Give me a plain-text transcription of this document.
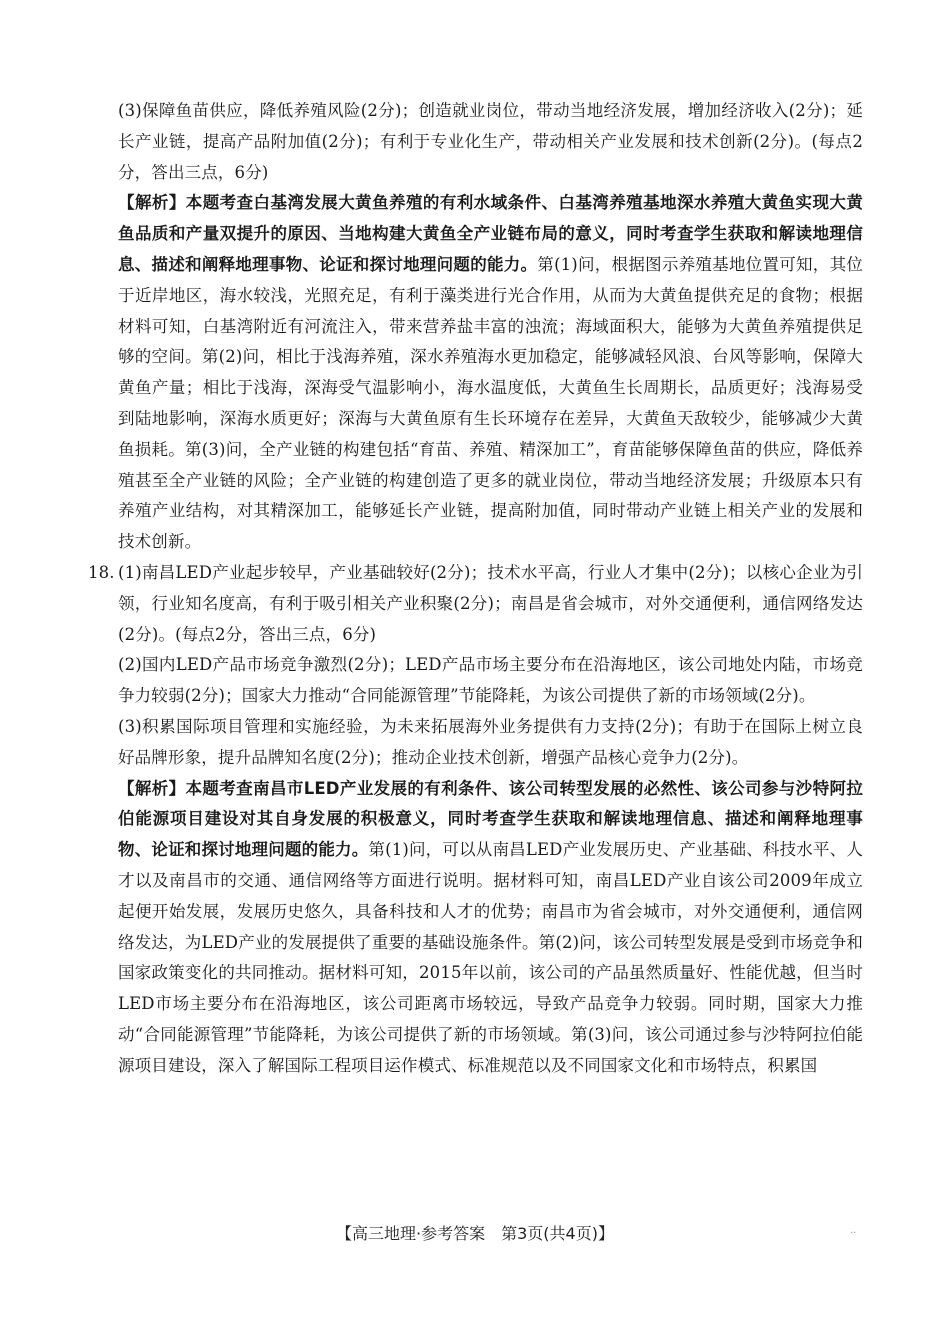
(3)保障鱼苗供应，降低养殖风险(2分)；创造就业岗位，带动当地经济发展，增加经济收入(2分)；延长产业链，提高产品附加值(2分)；有利于专业化生产，带动相关产业发展和技术创新(2分)。(每点2分，答出三点，6分)

【解析】本题考查白基湾发展大黄鱼养殖的有利水域条件、白基湾养殖基地深水养殖大黄鱼实现大黄鱼品质和产量双提升的原因、当地构建大黄鱼全产业链布局的意义，同时考查学生获取和解读地理信息、描述和阐释地理事物、论证和探讨地理问题的能力。第(1)问，根据图示养殖基地位置可知，其位于近岸地区，海水较浅，光照充足，有利于藻类进行光合作用，从而为大黄鱼提供充足的食物；根据材料可知，白基湾附近有河流注入，带来营养盐丰富的浊流；海域面积大，能够为大黄鱼养殖提供足够的空间。第(2)问，相比于浅海养殖，深水养殖海水更加稳定，能够减轻风浪、台风等影响，保障大黄鱼产量；相比于浅海，深海受气温影响小，海水温度低，大黄鱼生长周期长，品质更好；浅海易受到陆地影响，深海水质更好；深海与大黄鱼原有生长环境存在差异，大黄鱼天敌较少，能够减少大黄鱼损耗。第(3)问，全产业链的构建包括“育苗、养殖、精深加工”，育苗能够保障鱼苗的供应，降低养殖甚至全产业链的风险；全产业链的构建创造了更多的就业岗位，带动当地经济发展；升级原本只有养殖产业结构，对其精深加工，能够延长产业链，提高附加值，同时带动产业链上相关产业的发展和技术创新。

18. (1)南昌LED产业起步较早，产业基础较好(2分)；技术水平高，行业人才集中(2分)；以核心企业为引领，行业知名度高，有利于吸引相关产业积聚(2分)；南昌是省会城市，对外交通便利，通信网络发达(2分)。(每点2分，答出三点，6分)

(2)国内LED产品市场竞争激烈(2分)；LED产品市场主要分布在沿海地区，该公司地处内陆，市场竞争力较弱(2分)；国家大力推动“合同能源管理”节能降耗，为该公司提供了新的市场领域(2分)。

(3)积累国际项目管理和实施经验，为未来拓展海外业务提供有力支持(2分)；有助于在国际上树立良好品牌形象，提升品牌知名度(2分)；推动企业技术创新，增强产品核心竞争力(2分)。

【解析】本题考查南昌市LED产业发展的有利条件、该公司转型发展的必然性、该公司参与沙特阿拉伯能源项目建设对其自身发展的积极意义，同时考查学生获取和解读地理信息、描述和阐释地理事物、论证和探讨地理问题的能力。第(1)问，可以从南昌LED产业发展历史、产业基础、科技水平、人才以及南昌市的交通、通信网络等方面进行说明。据材料可知，南昌LED产业自该公司2009年成立起便开始发展，发展历史悠久，具备科技和人才的优势；南昌市为省会城市，对外交通便利，通信网络发达，为LED产业的发展提供了重要的基础设施条件。第(2)问，该公司转型发展是受到市场竞争和国家政策变化的共同推动。据材料可知，2015年以前，该公司的产品虽然质量好、性能优越，但当时LED市场主要分布在沿海地区，该公司距离市场较远，导致产品竞争力较弱。同时期，国家大力推动“合同能源管理”节能降耗，为该公司提供了新的市场领域。第(3)问，该公司通过参与沙特阿拉伯能源项目建设，深入了解国际工程项目运作模式、标准规范以及不同国家文化和市场特点，积累国

【高三地理·参考答案　第3页(共4页)】	··
